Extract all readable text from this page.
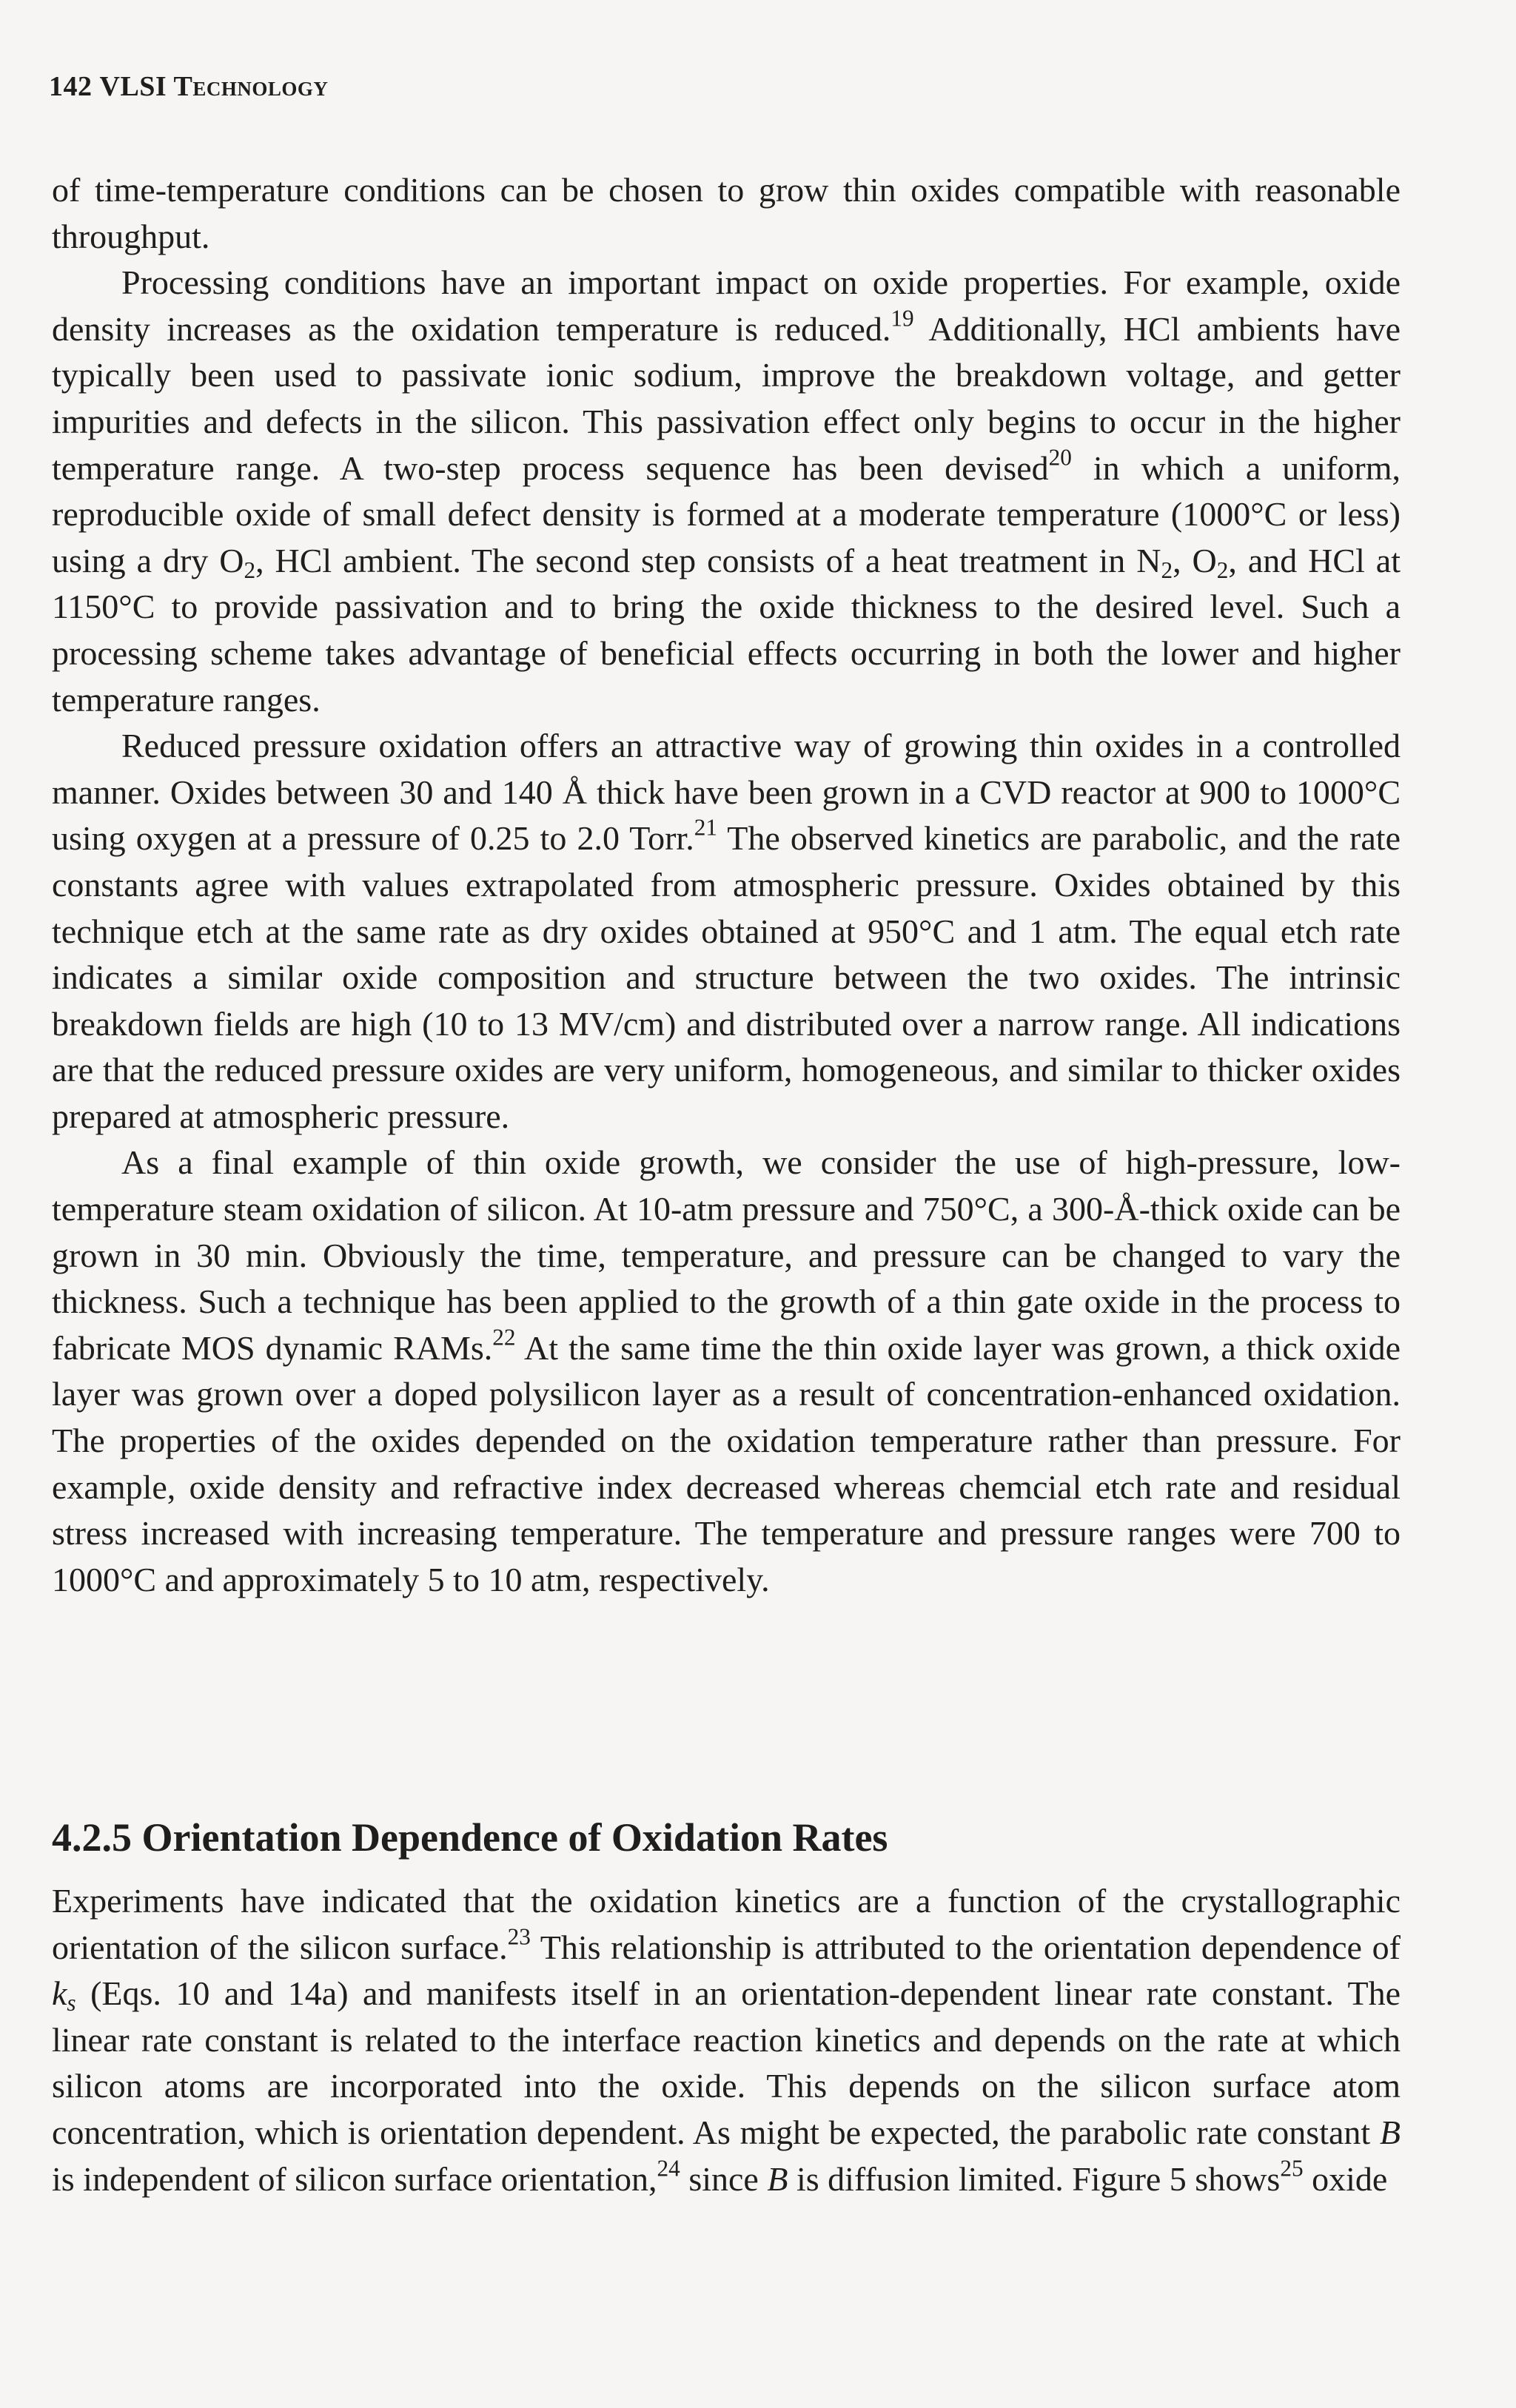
142 VLSI Technology

of time-temperature conditions can be chosen to grow thin oxides compatible with reasonable throughput.

Processing conditions have an important impact on oxide properties. For example, oxide density increases as the oxidation temperature is reduced.$^{19}$ Additionally, HCl ambients have typically been used to passivate ionic sodium, improve the breakdown voltage, and getter impurities and defects in the silicon. This passivation effect only begins to occur in the higher temperature range. A two-step process sequence has been devised$^{20}$ in which a uniform, reproducible oxide of small defect density is formed at a moderate temperature (1000°C or less) using a dry $O_2$, HCl ambient. The second step consists of a heat treatment in $N_2$, $O_2$, and HCl at 1150°C to provide passivation and to bring the oxide thickness to the desired level. Such a processing scheme takes advantage of beneficial effects occurring in both the lower and higher temperature ranges.

Reduced pressure oxidation offers an attractive way of growing thin oxides in a controlled manner. Oxides between 30 and 140 Å thick have been grown in a CVD reactor at 900 to 1000°C using oxygen at a pressure of 0.25 to 2.0 Torr.$^{21}$ The observed kinetics are parabolic, and the rate constants agree with values extrapolated from atmospheric pressure. Oxides obtained by this technique etch at the same rate as dry oxides obtained at 950°C and 1 atm. The equal etch rate indicates a similar oxide composition and structure between the two oxides. The intrinsic breakdown fields are high (10 to 13 MV/cm) and distributed over a narrow range. All indications are that the reduced pressure oxides are very uniform, homogeneous, and similar to thicker oxides prepared at atmospheric pressure.

As a final example of thin oxide growth, we consider the use of high-pressure, low-temperature steam oxidation of silicon. At 10-atm pressure and 750°C, a 300-Å-thick oxide can be grown in 30 min. Obviously the time, temperature, and pressure can be changed to vary the thickness. Such a technique has been applied to the growth of a thin gate oxide in the process to fabricate MOS dynamic RAMs.$^{22}$ At the same time the thin oxide layer was grown, a thick oxide layer was grown over a doped polysilicon layer as a result of concentration-enhanced oxidation. The properties of the oxides depended on the oxidation temperature rather than pressure. For example, oxide density and refractive index decreased whereas chemcial etch rate and residual stress increased with increasing temperature. The temperature and pressure ranges were 700 to 1000°C and approximately 5 to 10 atm, respectively.

4.2.5 Orientation Dependence of Oxidation Rates

Experiments have indicated that the oxidation kinetics are a function of the crystallographic orientation of the silicon surface.$^{23}$ This relationship is attributed to the orientation dependence of $k_s$ (Eqs. 10 and 14a) and manifests itself in an orientation-dependent linear rate constant. The linear rate constant is related to the interface reaction kinetics and depends on the rate at which silicon atoms are incorporated into the oxide. This depends on the silicon surface atom concentration, which is orientation dependent. As might be expected, the parabolic rate constant B is independent of silicon surface orientation,$^{24}$ since B is diffusion limited. Figure 5 shows$^{25}$ oxide
